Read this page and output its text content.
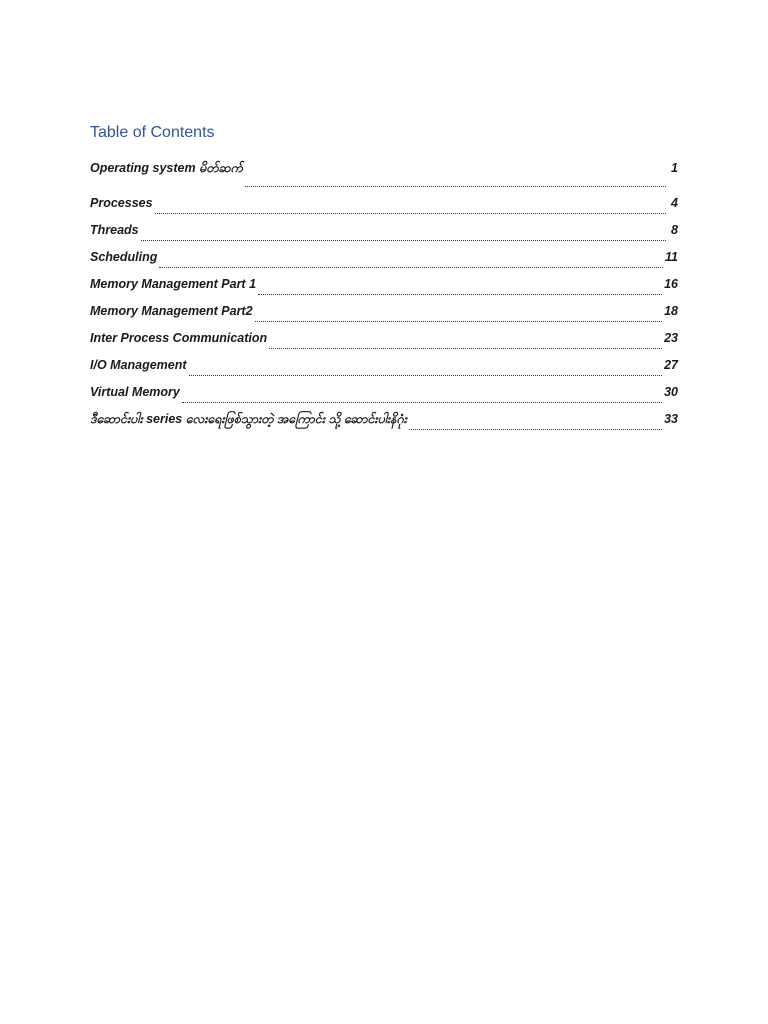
Table of Contents
Operating system မိတ်ဆက်	1
Processes	4
Threads	8
Scheduling	11
Memory Management Part 1	16
Memory Management Part2	18
Inter Process Communication	23
I/O Management	27
Virtual Memory	30
ဒီဆောင်းပါး series လေးရေးဖြစ်သွားတဲ့ အကြောင်း သို့ ဆောင်းပါးနိဂုံး	33
